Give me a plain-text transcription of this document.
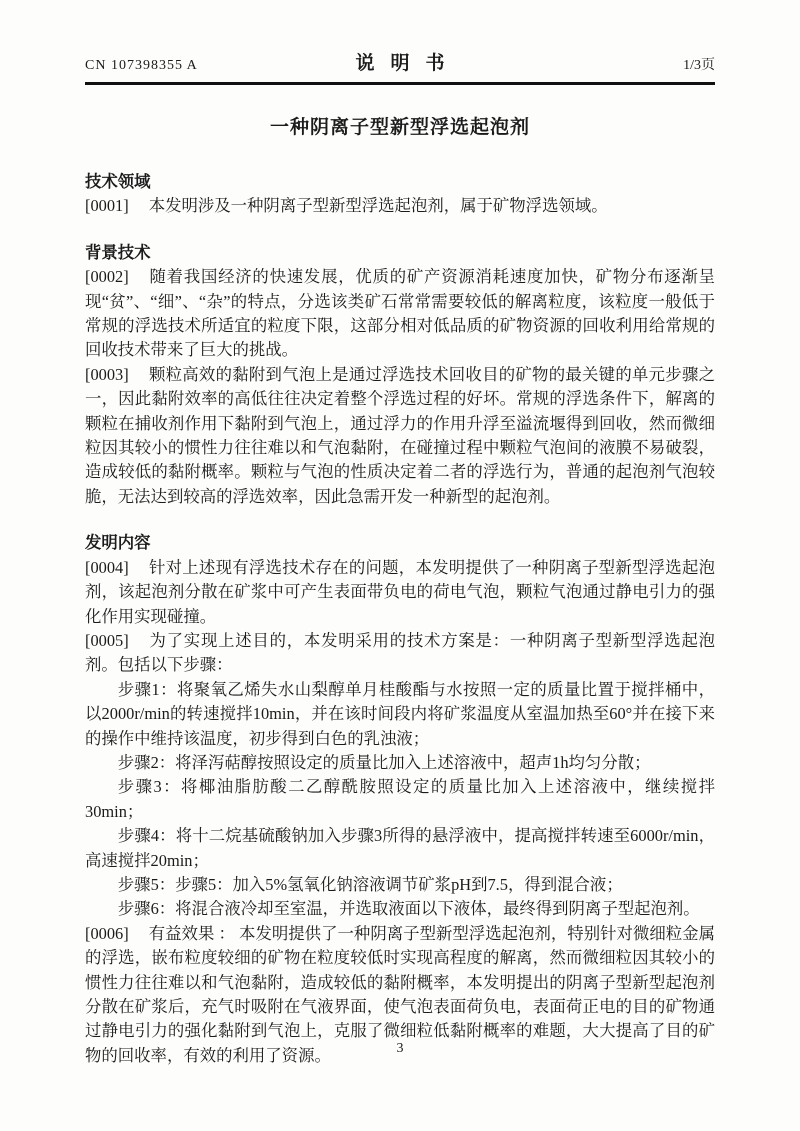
CN 107398355 A	说明书	1/3页
一种阴离子型新型浮选起泡剂
技术领域

[0001] 本发明涉及一种阴离子型新型浮选起泡剂，属于矿物浮选领域。

背景技术

[0002] 随着我国经济的快速发展，优质的矿产资源消耗速度加快，矿物分布逐渐呈现“贫”、“细”、“杂”的特点，分选该类矿石常常需要较低的解离粒度，该粒度一般低于常规的浮选技术所适宜的粒度下限，这部分相对低品质的矿物资源的回收利用给常规的回收技术带来了巨大的挑战。

[0003] 颗粒高效的黏附到气泡上是通过浮选技术回收目的矿物的最关键的单元步骤之一，因此黏附效率的高低往往决定着整个浮选过程的好坏。常规的浮选条件下，解离的颗粒在捕收剂作用下黏附到气泡上，通过浮力的作用升浮至溢流堰得到回收，然而微细粒因其较小的惯性力往往难以和气泡黏附，在碰撞过程中颗粒气泡间的液膜不易破裂，造成较低的黏附概率。颗粒与气泡的性质决定着二者的浮选行为，普通的起泡剂气泡较脆，无法达到较高的浮选效率，因此急需开发一种新型的起泡剂。

发明内容

[0004] 针对上述现有浮选技术存在的问题，本发明提供了一种阴离子型新型浮选起泡剂，该起泡剂分散在矿浆中可产生表面带负电的荷电气泡，颗粒气泡通过静电引力的强化作用实现碰撞。

[0005] 为了实现上述目的，本发明采用的技术方案是：一种阴离子型新型浮选起泡剂。包括以下步骤：

步骤1：将聚氧乙烯失水山梨醇单月桂酸酯与水按照一定的质量比置于搅拌桶中，以2000r/min的转速搅拌10min，并在该时间段内将矿浆温度从室温加热至60°并在接下来的操作中维持该温度，初步得到白色的乳浊液；

步骤2：将泽泻萜醇按照设定的质量比加入上述溶液中，超声1h均匀分散；

步骤3：将椰油脂肪酸二乙醇酰胺照设定的质量比加入上述溶液中，继续搅拌30min；

步骤4：将十二烷基硫酸钠加入步骤3所得的悬浮液中，提高搅拌转速至6000r/min，高速搅拌20min；

步骤5：步骤5：加入5%氢氧化钠溶液调节矿浆pH到7.5，得到混合液；

步骤6：将混合液冷却至室温，并选取液面以下液体，最终得到阴离子型起泡剂。

[0006] 有益效果 ： 本发明提供了一种阴离子型新型浮选起泡剂，特别针对微细粒金属的浮选，嵌布粒度较细的矿物在粒度较低时实现高程度的解离，然而微细粒因其较小的惯性力往往难以和气泡黏附，造成较低的黏附概率，本发明提出的阴离子型新型起泡剂分散在矿浆后，充气时吸附在气液界面，使气泡表面荷负电，表面荷正电的目的矿物通过静电引力的强化黏附到气泡上，克服了微细粒低黏附概率的难题，大大提高了目的矿物的回收率，有效的利用了资源。	3
